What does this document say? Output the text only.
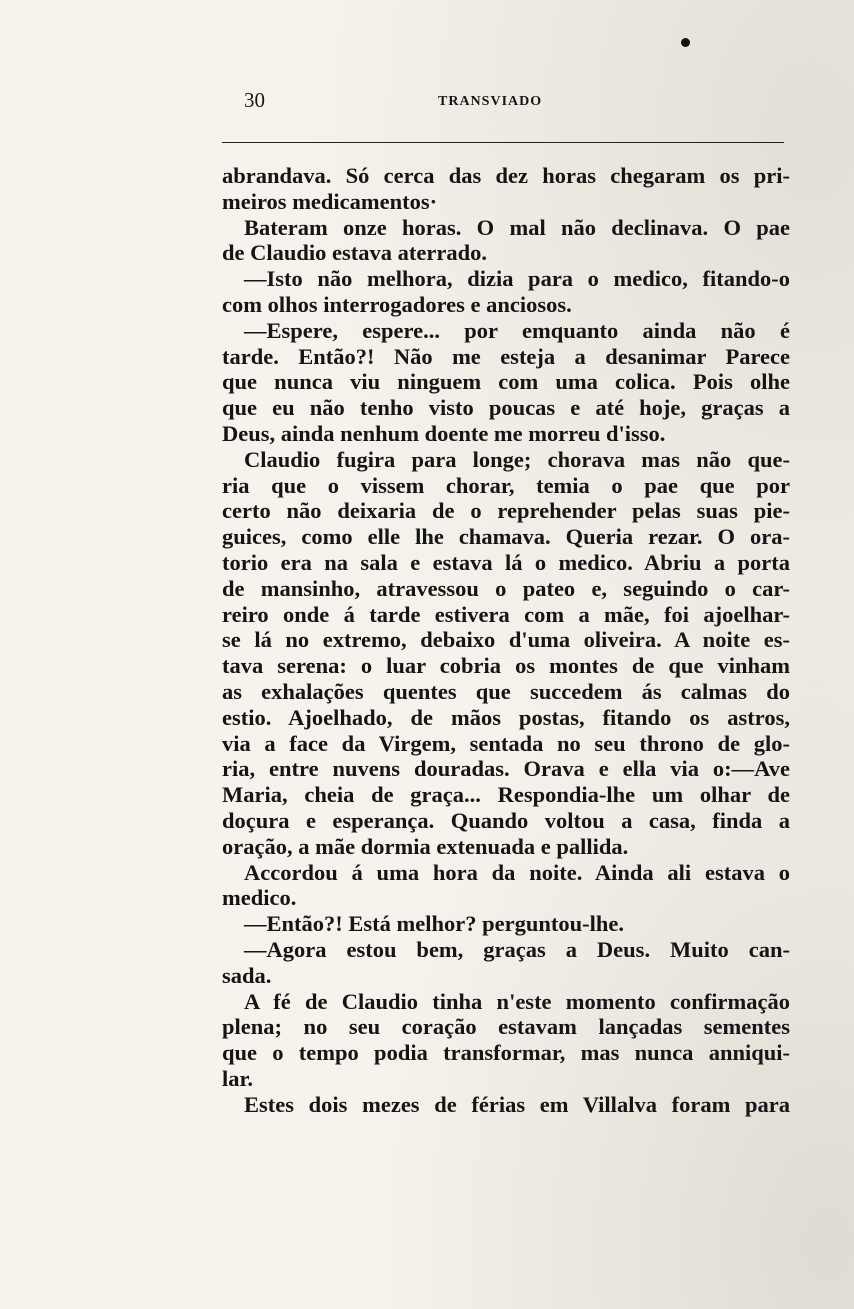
30	TRANSVIADO
abrandava. Só cerca das dez horas chegaram os pri-
meiros medicamentos·
Bateram onze horas. O mal não declinava. O pae
de Claudio estava aterrado.
—Isto não melhora, dizia para o medico, fitando-o
com olhos interrogadores e anciosos.
—Espere, espere... por emquanto ainda não é
tarde. Então?! Não me esteja a desanimar Parece
que nunca viu ninguem com uma colica. Pois olhe
que eu não tenho visto poucas e até hoje, graças a
Deus, ainda nenhum doente me morreu d'isso.
Claudio fugira para longe; chorava mas não que-
ria que o vissem chorar, temia o pae que por
certo não deixaria de o reprehender pelas suas pie-
guices, como elle lhe chamava. Queria rezar. O ora-
torio era na sala e estava lá o medico. Abriu a porta
de mansinho, atravessou o pateo e, seguindo o car-
reiro onde á tarde estivera com a mãe, foi ajoelhar-
se lá no extremo, debaixo d'uma oliveira. A noite es-
tava serena: o luar cobria os montes de que vinham
as exhalações quentes que succedem ás calmas do
estio. Ajoelhado, de mãos postas, fitando os astros,
via a face da Virgem, sentada no seu throno de glo-
ria, entre nuvens douradas. Orava e ella via o:—Ave
Maria, cheia de graça... Respondia-lhe um olhar de
doçura e esperança. Quando voltou a casa, finda a
oração, a mãe dormia extenuada e pallida.
Accordou á uma hora da noite. Ainda ali estava o
medico.
—Então?! Está melhor? perguntou-lhe.
—Agora estou bem, graças a Deus. Muito can-
sada.
A fé de Claudio tinha n'este momento confirmação
plena; no seu coração estavam lançadas sementes
que o tempo podia transformar, mas nunca anniqui-
lar.
Estes dois mezes de férias em Villalva foram para
